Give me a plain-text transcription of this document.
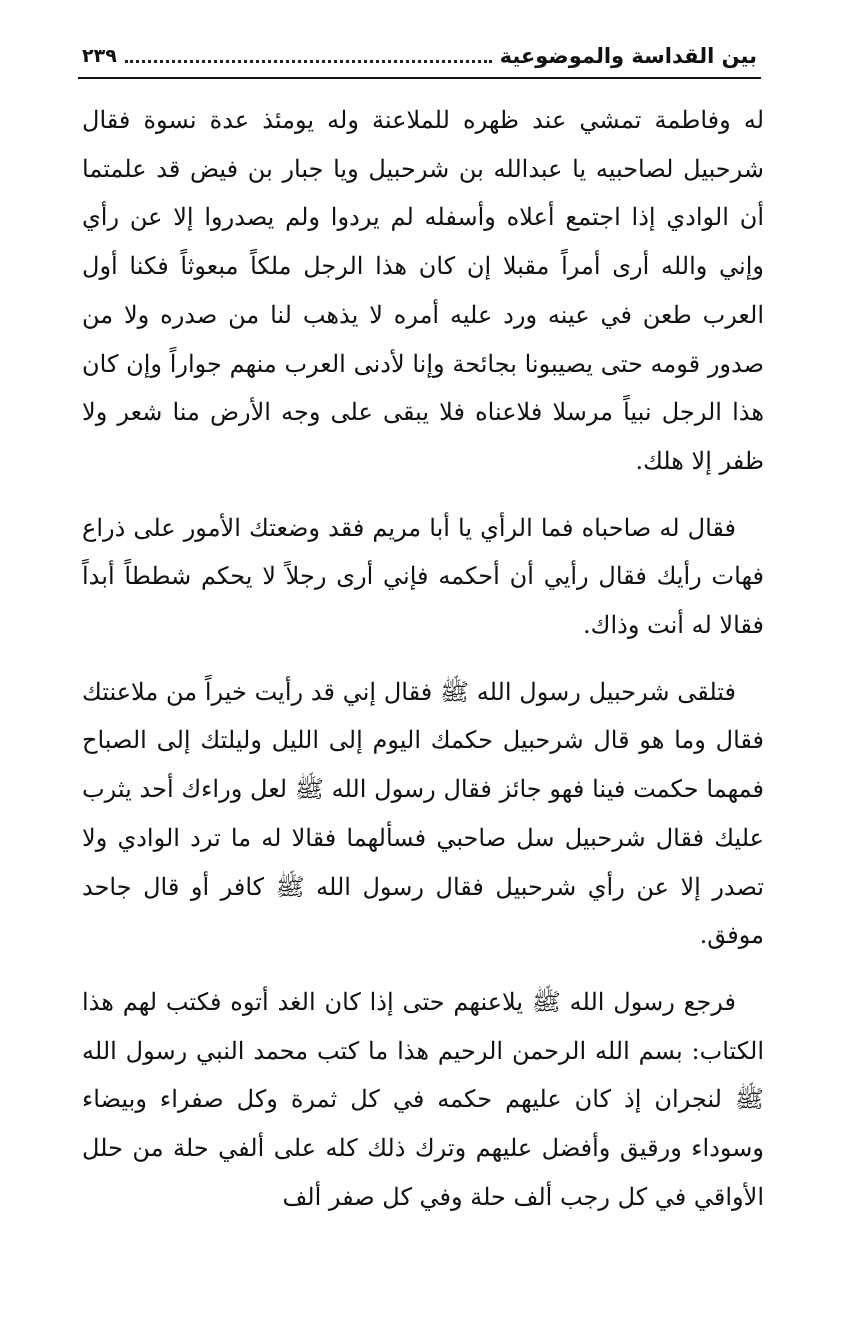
بين القداسة والموضوعية
٢٣٩

له وفاطمة تمشي عند ظهره للملاعنة وله يومئذ عدة نسوة فقال شرحبيل لصاحبيه يا عبدالله بن شرحبيل ويا جبار بن فيض قد علمتما أن الوادي إذا اجتمع أعلاه وأسفله لم يردوا ولم يصدروا إلا عن رأي وإني والله أرى أمراً مقبلا إن كان هذا الرجل ملكاً مبعوثاً فكنا أول العرب طعن في عينه ورد عليه أمره لا يذهب لنا من صدره ولا من صدور قومه حتى يصيبونا بجائحة وإنا لأدنى العرب منهم جواراً وإن كان هذا الرجل نبياً مرسلا فلاعناه فلا يبقى على وجه الأرض منا شعر ولا ظفر إلا هلك.

فقال له صاحباه فما الرأي يا أبا مريم فقد وضعتك الأمور على ذراع فهات رأيك فقال رأيي أن أحكمه فإني أرى رجلاً لا يحكم شططاً أبداً فقالا له أنت وذاك.

فتلقى شرحبيل رسول الله ﷺ فقال إني قد رأيت خيراً من ملاعنتك فقال وما هو قال شرحبيل حكمك اليوم إلى الليل وليلتك إلى الصباح فمهما حكمت فينا فهو جائز فقال رسول الله ﷺ لعل وراءك أحد يثرب عليك فقال شرحبيل سل صاحبي فسألهما فقالا له ما ترد الوادي ولا تصدر إلا عن رأي شرحبيل فقال رسول الله ﷺ كافر أو قال جاحد موفق.

فرجع رسول الله ﷺ يلاعنهم حتى إذا كان الغد أتوه فكتب لهم هذا الكتاب: بسم الله الرحمن الرحيم هذا ما كتب محمد النبي رسول الله ﷺ لنجران إذ كان عليهم حكمه في كل ثمرة وكل صفراء وبيضاء وسوداء ورقيق وأفضل عليهم وترك ذلك كله على ألفي حلة من حلل الأواقي في كل رجب ألف حلة وفي كل صفر ألف
